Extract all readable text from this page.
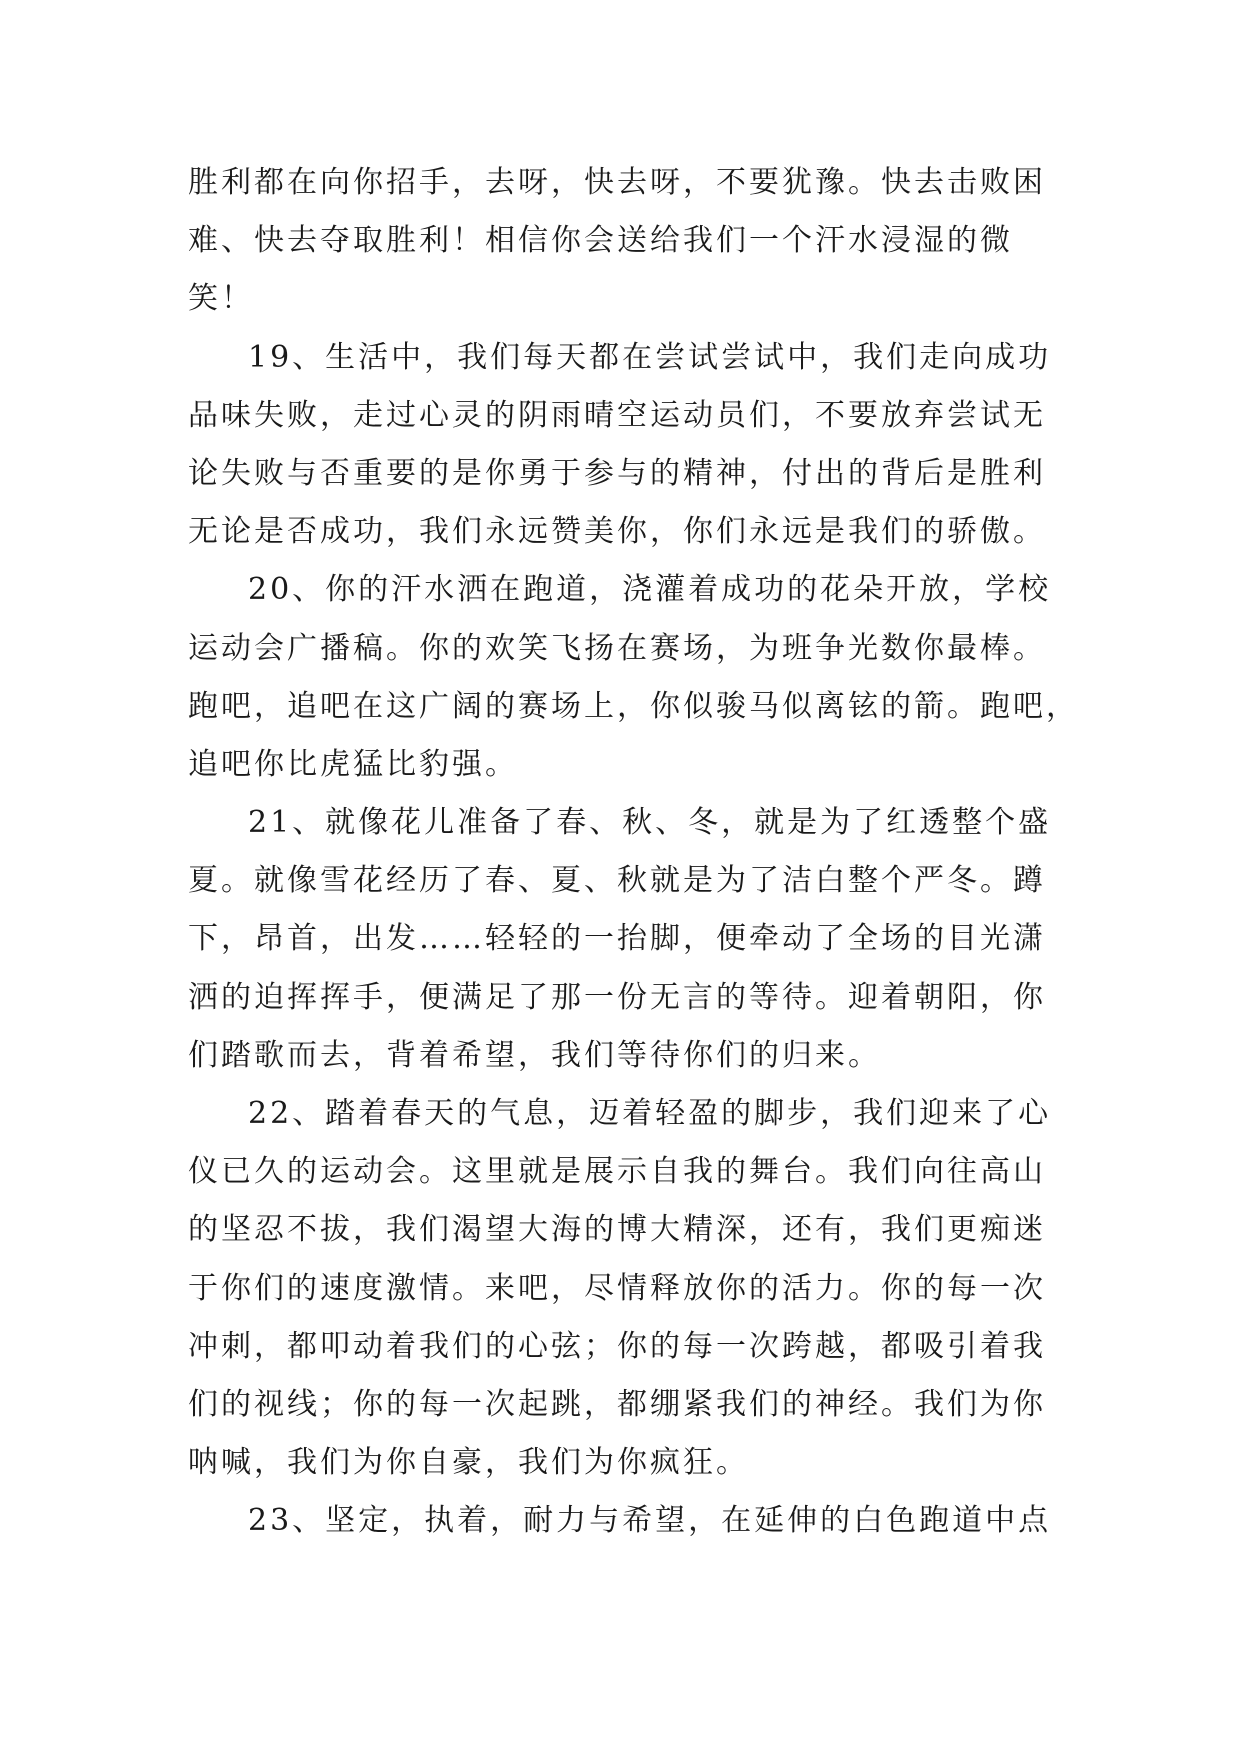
胜利都在向你招手，去呀，快去呀，不要犹豫。快去击败困
难、快去夺取胜利！相信你会送给我们一个汗水浸湿的微
笑！
19、生活中，我们每天都在尝试尝试中，我们走向成功
品味失败，走过心灵的阴雨晴空运动员们，不要放弃尝试无
论失败与否重要的是你勇于参与的精神，付出的背后是胜利
无论是否成功，我们永远赞美你，你们永远是我们的骄傲。
20、你的汗水洒在跑道，浇灌着成功的花朵开放，学校
运动会广播稿。你的欢笑飞扬在赛场，为班争光数你最棒。
跑吧，追吧在这广阔的赛场上，你似骏马似离铉的箭。跑吧，
追吧你比虎猛比豹强。
21、就像花儿准备了春、秋、冬，就是为了红透整个盛
夏。就像雪花经历了春、夏、秋就是为了洁白整个严冬。蹲
下，昂首，出发……轻轻的一抬脚，便牵动了全场的目光潇
洒的迫挥挥手，便满足了那一份无言的等待。迎着朝阳，你
们踏歌而去，背着希望，我们等待你们的归来。
22、踏着春天的气息，迈着轻盈的脚步，我们迎来了心
仪已久的运动会。这里就是展示自我的舞台。我们向往高山
的坚忍不拔，我们渴望大海的博大精深，还有，我们更痴迷
于你们的速度激情。来吧，尽情释放你的活力。你的每一次
冲刺，都叩动着我们的心弦；你的每一次跨越，都吸引着我
们的视线；你的每一次起跳，都绷紧我们的神经。我们为你
呐喊，我们为你自豪，我们为你疯狂。
23、坚定，执着，耐力与希望，在延伸的白色跑道中点
